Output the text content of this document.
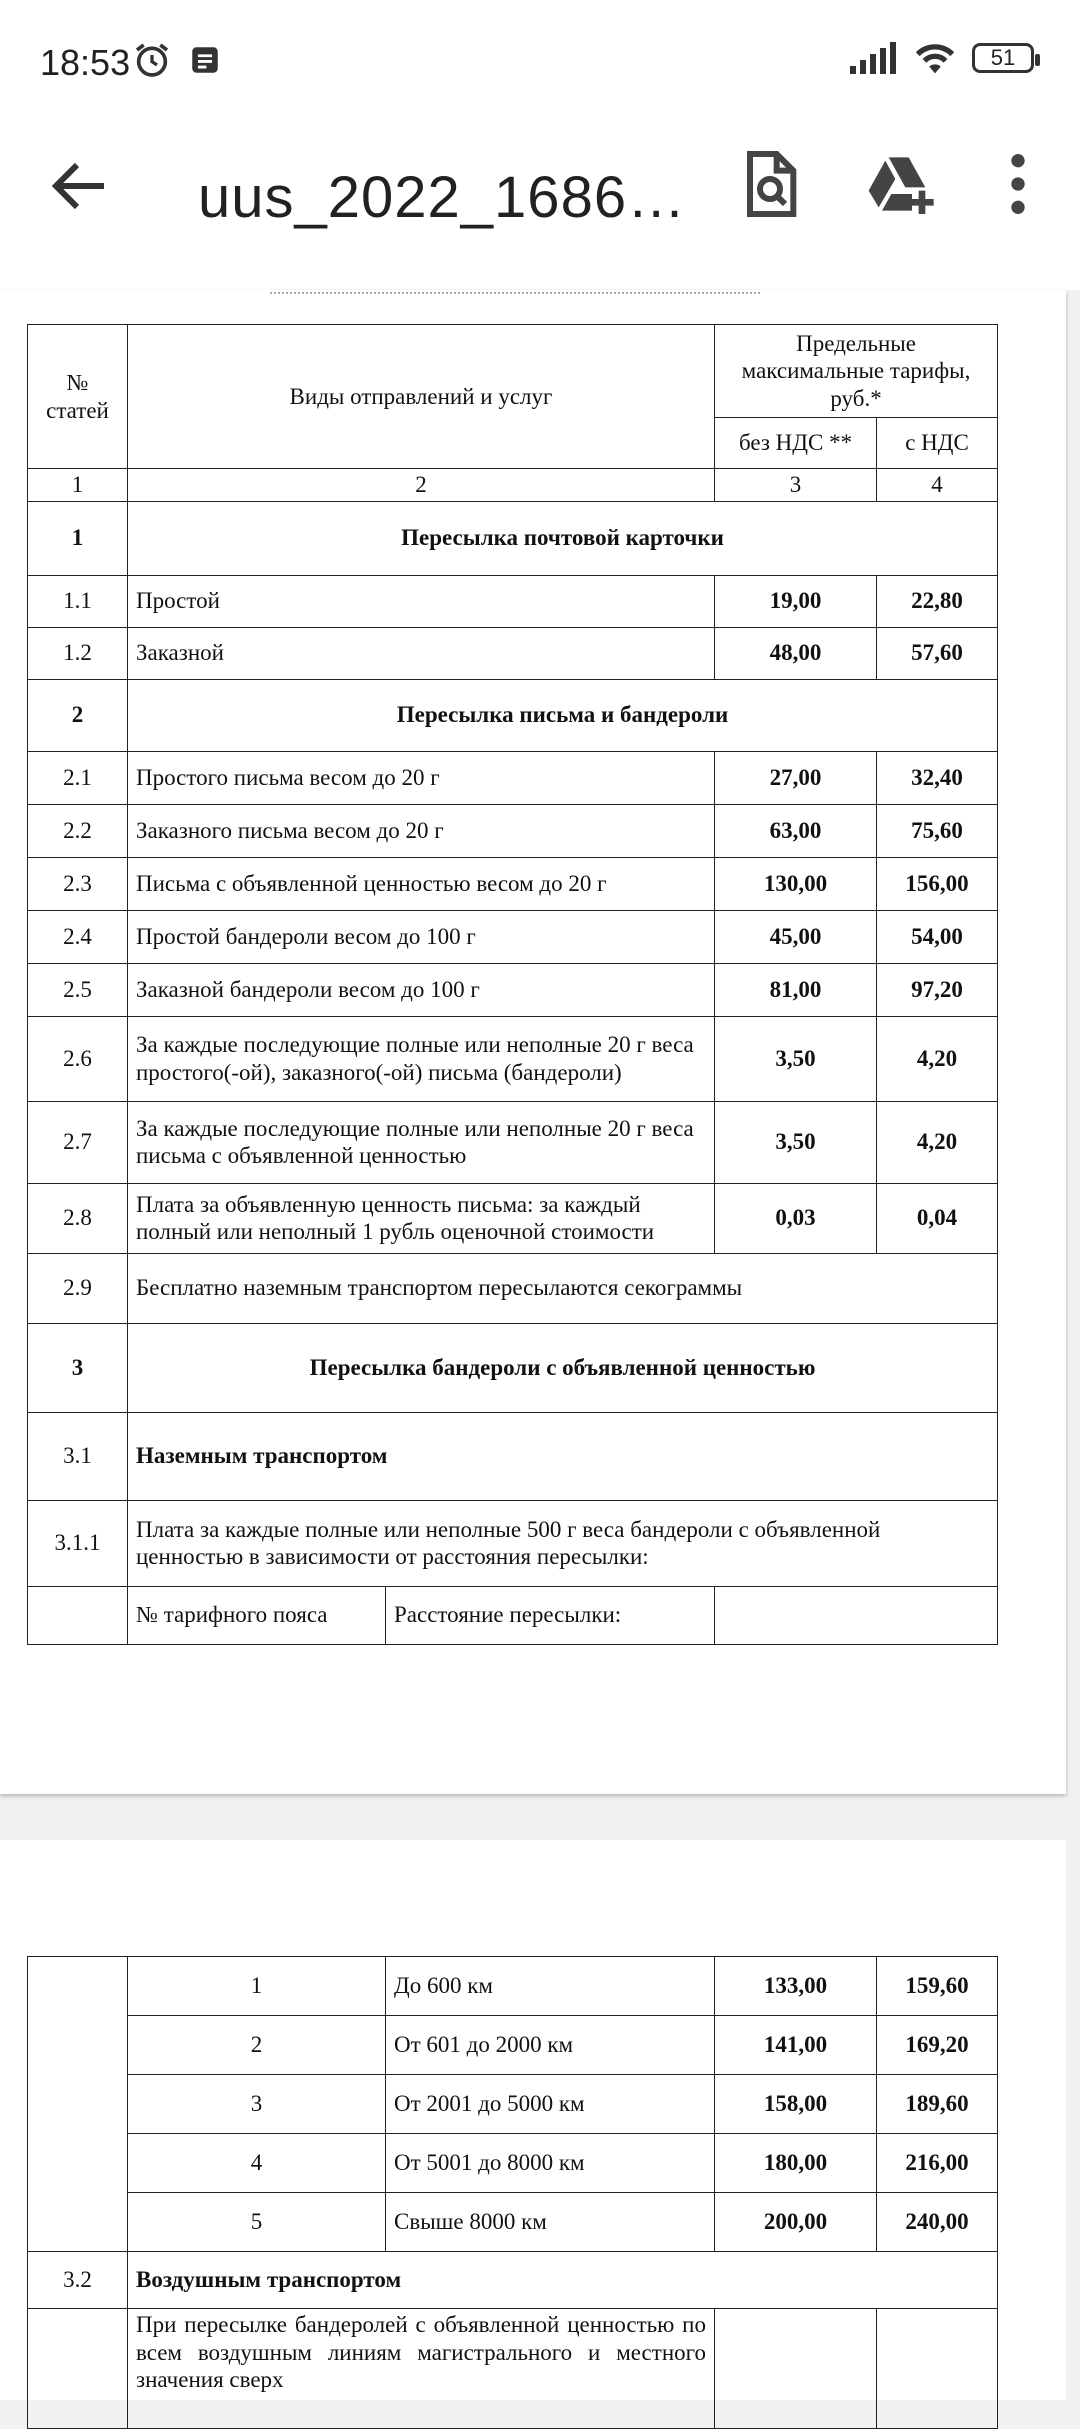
18:53	51
uus_2022_1686…
№ статей	Виды отправлений и услуг		Предельные максимальные тарифы, руб.*	
			без НДС **	с НДС
1	2		3	4
1	Пересылка почтовой карточки			
1.1	Простой		19,00	22,80
1.2	Заказной		48,00	57,60
2	Пересылка письма и бандероли			
2.1	Простого письма весом до 20 г		27,00	32,40
2.2	Заказного письма весом до 20 г		63,00	75,60
2.3	Письма с объявленной ценностью весом до 20 г		130,00	156,00
2.4	Простой бандероли весом до 100 г		45,00	54,00
2.5	Заказной бандероли весом до 100 г		81,00	97,20
2.6	За каждые последующие полные или неполные 20 г веса простого(-ой), заказного(-ой) письма (бандероли)		3,50	4,20
2.7	За каждые последующие полные или неполные 20 г веса письма с объявленной ценностью		3,50	4,20
2.8	Плата за объявленную ценность письма: за каждый полный или неполный 1 рубль оценочной стоимости		0,03	0,04
2.9	Бесплатно наземным транспортом пересылаются секограммы			
3	Пересылка бандероли с объявленной ценностью			
3.1	Наземным транспортом			
3.1.1	Плата за каждые полные или неполные 500 г веса бандероли с объявленной ценностью в зависимости от расстояния пересылки:			
	№ тарифного пояса	Расстояние пересылки:		
	1	До 600 км	133,00	159,60
	2	От 601 до 2000 км	141,00	169,20
	3	От 2001 до 5000 км	158,00	189,60
	4	От 5001 до 8000 км	180,00	216,00
	5	Свыше 8000 км	200,00	240,00
3.2	Воздушным транспортом			
	При пересылке бандеролей с объявленной ценностью по всем воздушным линиям магистрального и местного значения сверх			
